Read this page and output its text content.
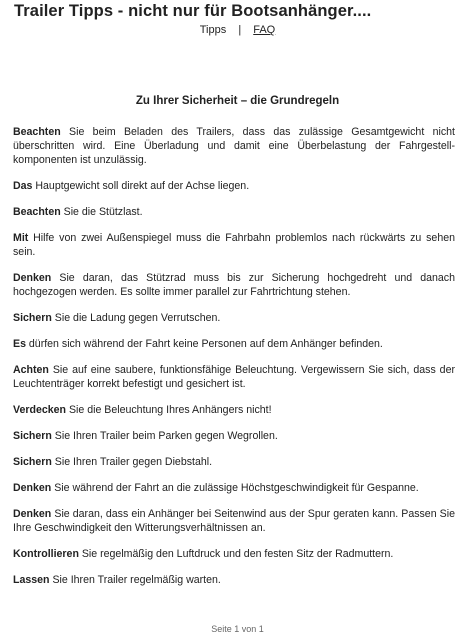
Trailer Tipps - nicht nur für Bootsanhänger....
Tipps | FAQ
Zu Ihrer Sicherheit – die Grundregeln

Beachten Sie beim Beladen des Trailers, dass das zulässige Gesamtgewicht nicht überschritten wird. Eine Überladung und damit eine Überbelastung der Fahrgestell- komponenten ist unzulässig.

Das Hauptgewicht soll direkt auf der Achse liegen.

Beachten Sie die Stützlast.

Mit Hilfe von zwei Außenspiegel muss die Fahrbahn problemlos nach rückwärts zu sehen sein.

Denken Sie daran, das Stützrad muss bis zur Sicherung hochgedreht und danach hochgezogen werden. Es sollte immer parallel zur Fahrtrichtung stehen.

Sichern Sie die Ladung gegen Verrutschen.

Es dürfen sich während der Fahrt keine Personen auf dem Anhänger befinden.

Achten Sie auf eine saubere, funktionsfähige Beleuchtung. Vergewissern Sie sich, dass der Leuchtenträger korrekt befestigt und gesichert ist.

Verdecken Sie die Beleuchtung Ihres Anhängers nicht!

Sichern Sie Ihren Trailer beim Parken gegen Wegrollen.

Sichern Sie Ihren Trailer gegen Diebstahl.

Denken Sie während der Fahrt an die zulässige Höchstgeschwindigkeit für Gespanne.

Denken Sie daran, dass ein Anhänger bei Seitenwind aus der Spur geraten kann. Passen Sie Ihre Geschwindigkeit den Witterungsverhältnissen an.

Kontrollieren Sie regelmäßig den Luftdruck und den festen Sitz der Radmuttern.

Lassen Sie Ihren Trailer regelmäßig warten.

Seite 1 von 1
